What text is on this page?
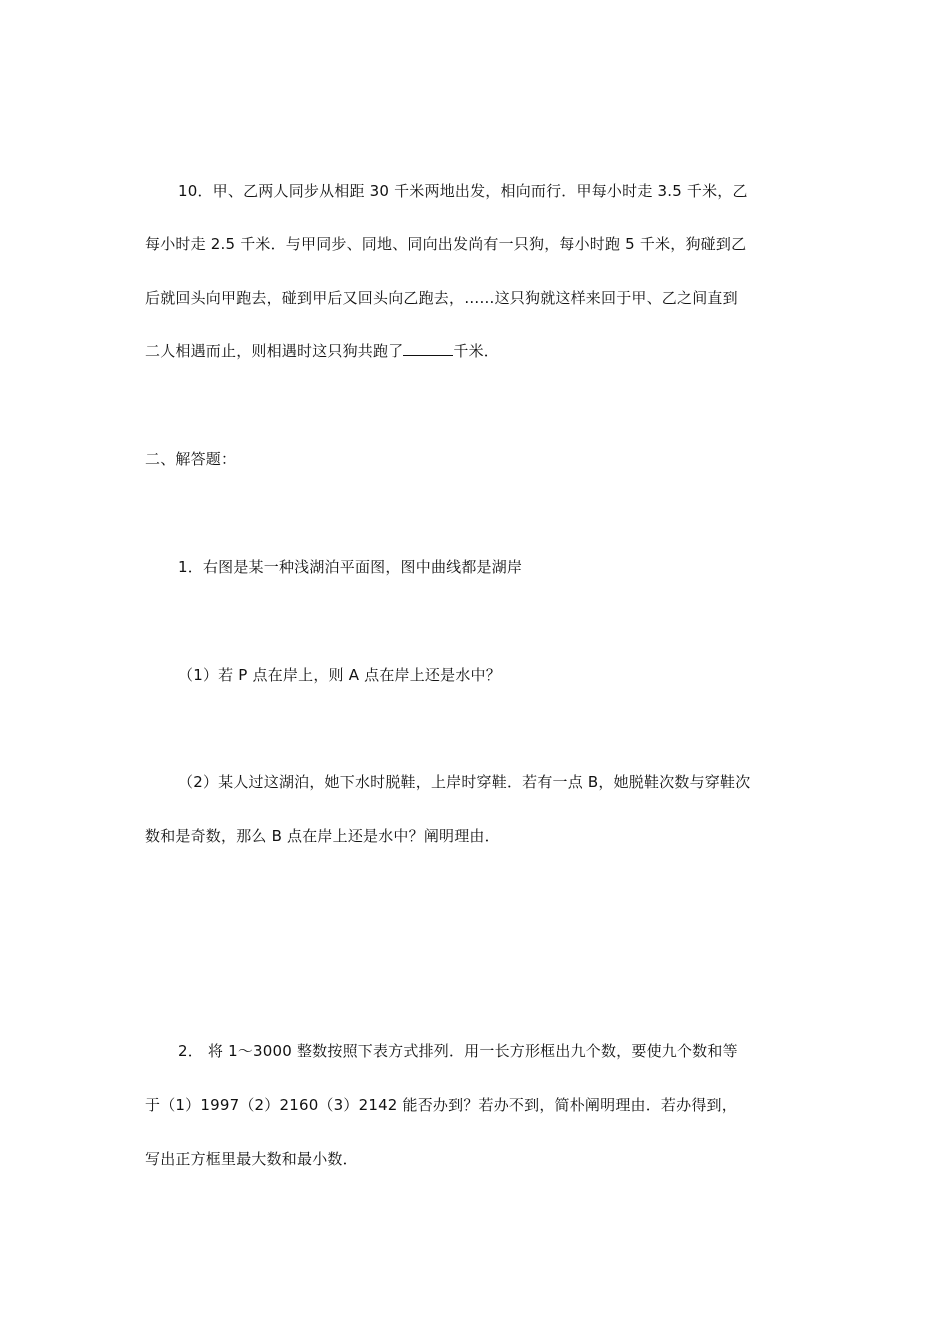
10．甲、乙两人同步从相距 30 千米两地出发，相向而行．甲每小时走 3.5 千米，乙
每小时走 2.5 千米．与甲同步、同地、同向出发尚有一只狗，每小时跑 5 千米，狗碰到乙
后就回头向甲跑去，碰到甲后又回头向乙跑去，……这只狗就这样来回于甲、乙之间直到
二人相遇而止，则相遇时这只狗共跑了	千米．
二、解答题：
1．右图是某一种浅湖泊平面图，图中曲线都是湖岸
（1）若 P 点在岸上，则 A 点在岸上还是水中？
（2）某人过这湖泊，她下水时脱鞋，上岸时穿鞋．若有一点 B，她脱鞋次数与穿鞋次
数和是奇数，那么 B 点在岸上还是水中？阐明理由．
2． 将 1～3000 整数按照下表方式排列．用一长方形框出九个数，要使九个数和等
于（1）1997（2）2160（3）2142 能否办到？若办不到，简朴阐明理由．若办得到，
写出正方框里最大数和最小数．
